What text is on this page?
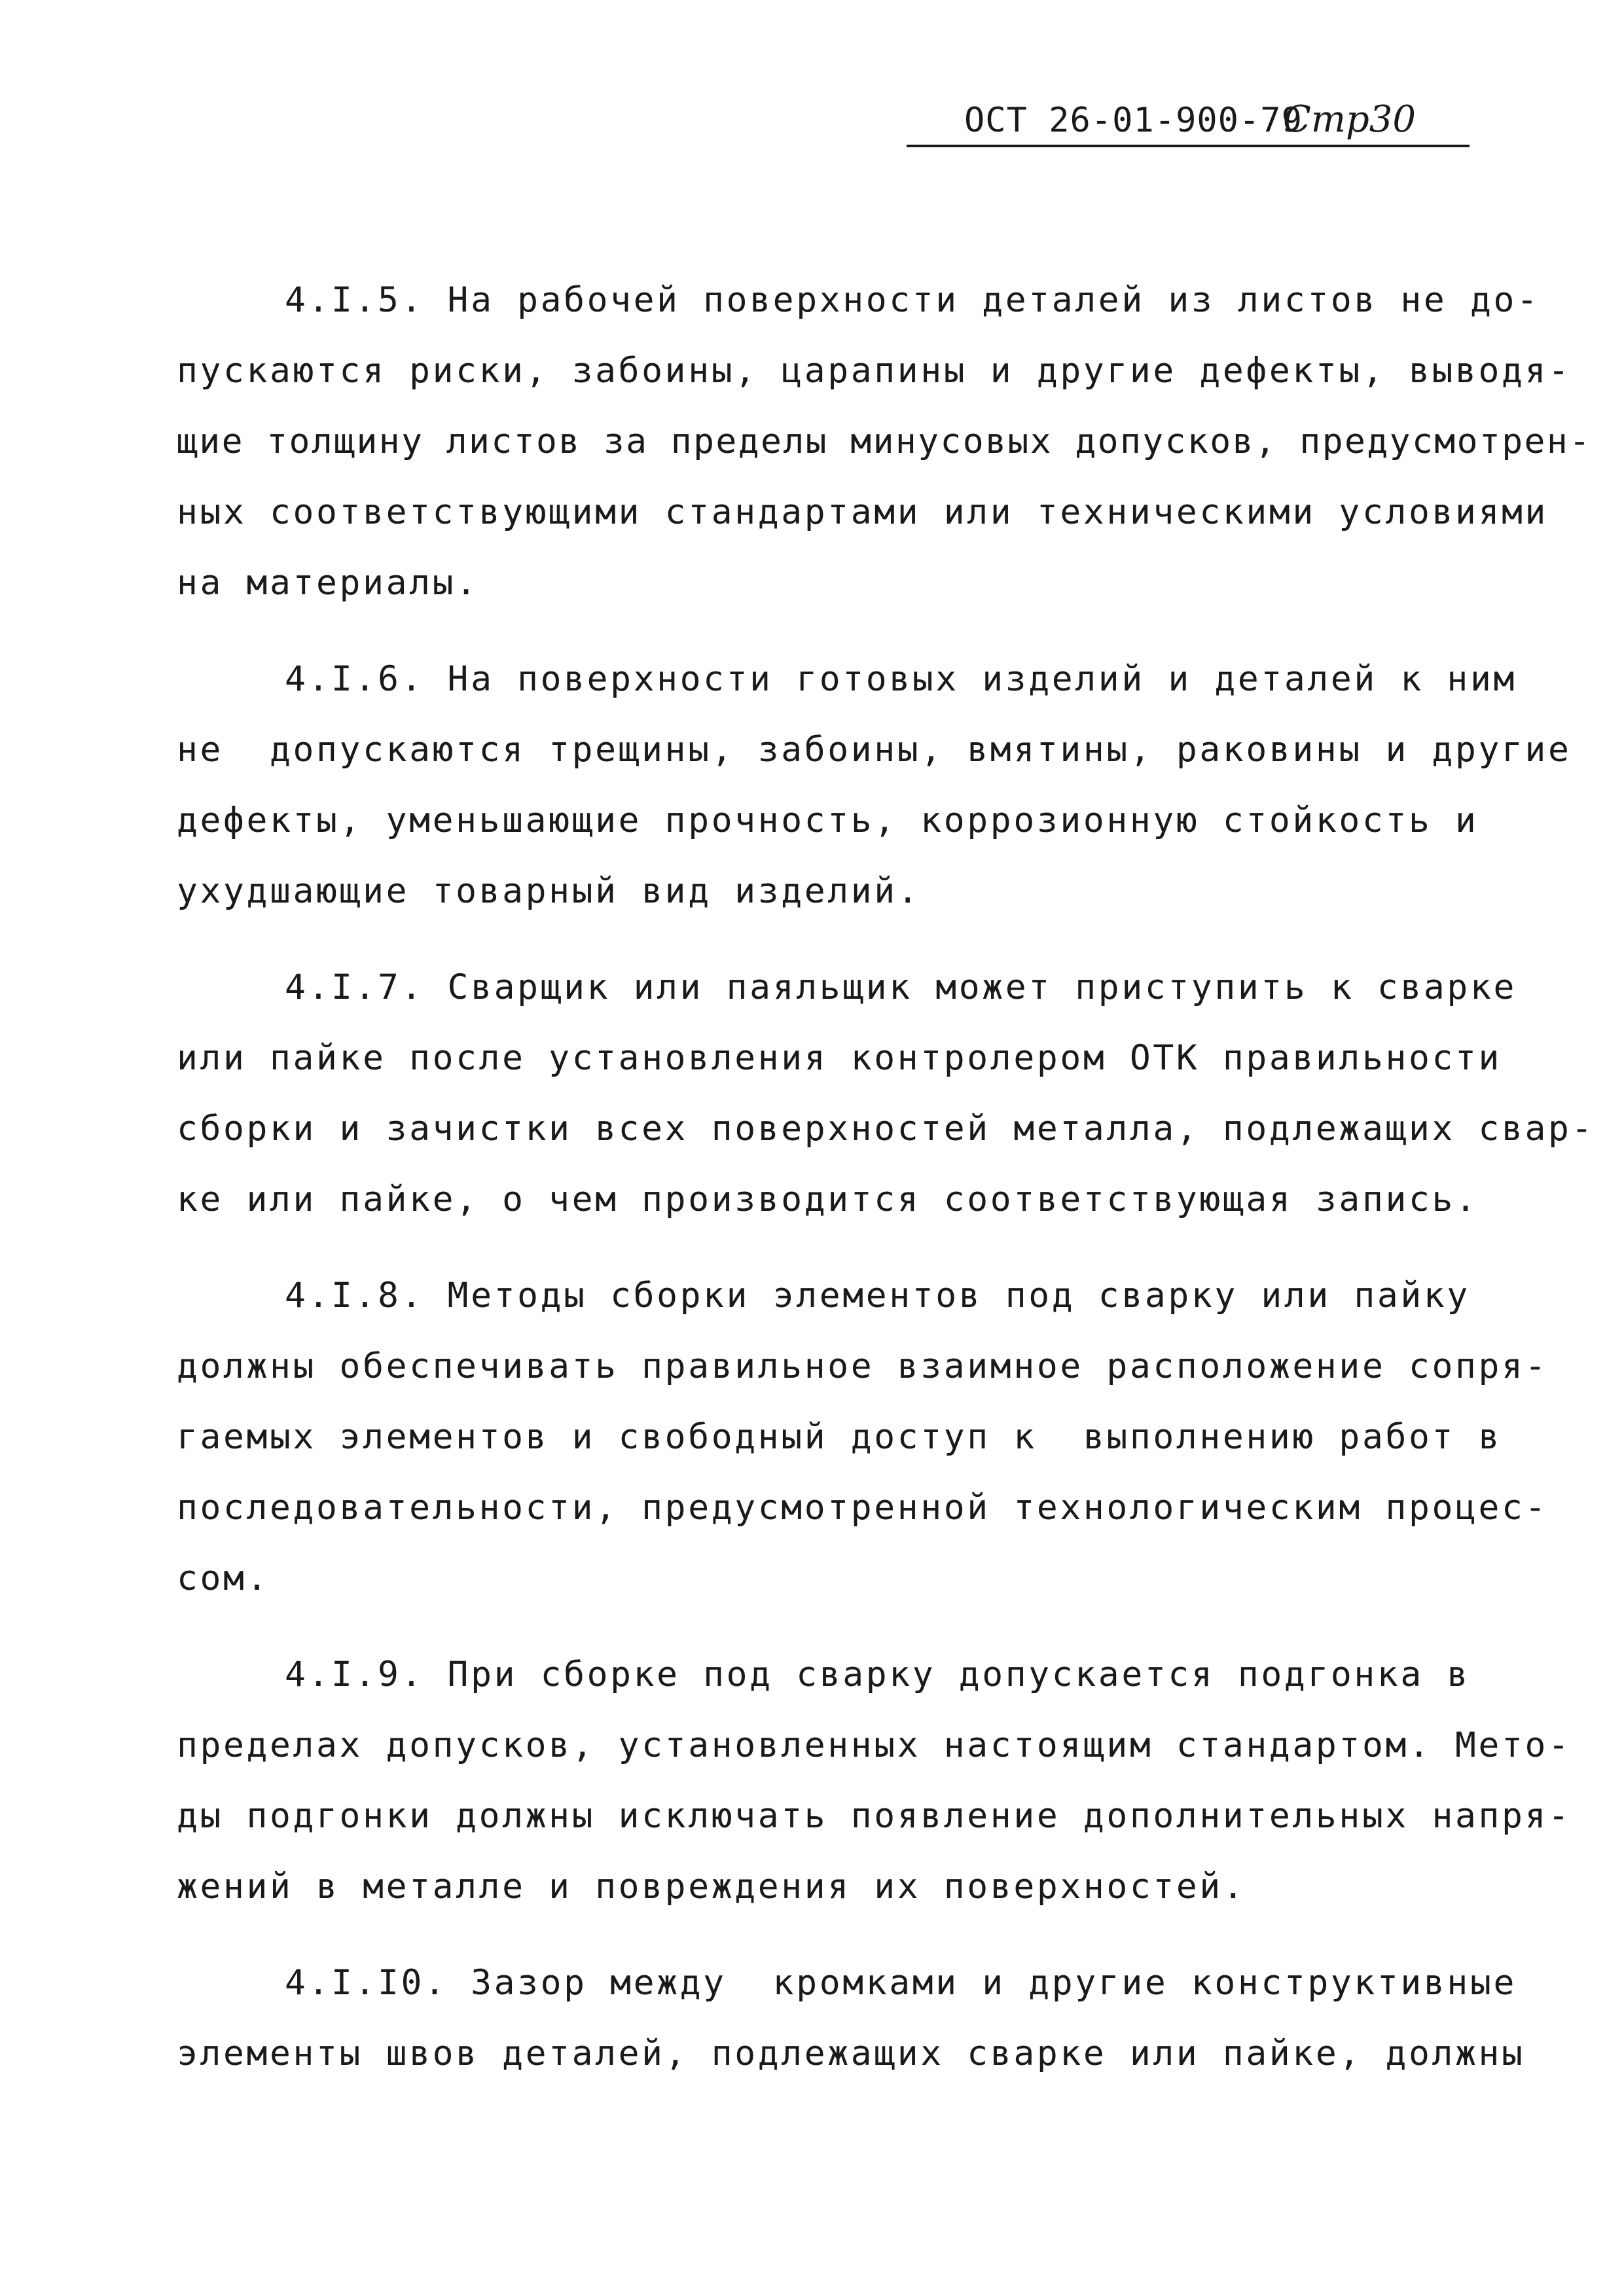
ОСТ 26-01-900-79
Стр30
4.I.5. На рабочей поверхности деталей из листов не до-
пускаются риски, забоины, царапины и другие дефекты, выводя-
щие толщину листов за пределы минусовых допусков, предусмотрен-
ных соответствующими стандартами или техническими условиями
на материалы.
4.I.6. На поверхности готовых изделий и деталей к ним
не  допускаются трещины, забоины, вмятины, раковины и другие
дефекты, уменьшающие прочность, коррозионную стойкость и
ухудшающие товарный вид изделий.
4.I.7. Сварщик или паяльщик может приступить к сварке
или пайке после установления контролером ОТК правильности
сборки и зачистки всех поверхностей металла, подлежащих свар-
ке или пайке, о чем производится соответствующая запись.
4.I.8. Методы сборки элементов под сварку или пайку
должны обеспечивать правильное взаимное расположение сопря-
гаемых элементов и свободный доступ к  выполнению работ в
последовательности, предусмотренной технологическим процес-
сом.
4.I.9. При сборке под сварку допускается подгонка в
пределах допусков, установленных настоящим стандартом. Мето-
ды подгонки должны исключать появление дополнительных напря-
жений в металле и повреждения их поверхностей.
4.I.I0. Зазор между  кромками и другие конструктивные
элементы швов деталей, подлежащих сварке или пайке, должны
